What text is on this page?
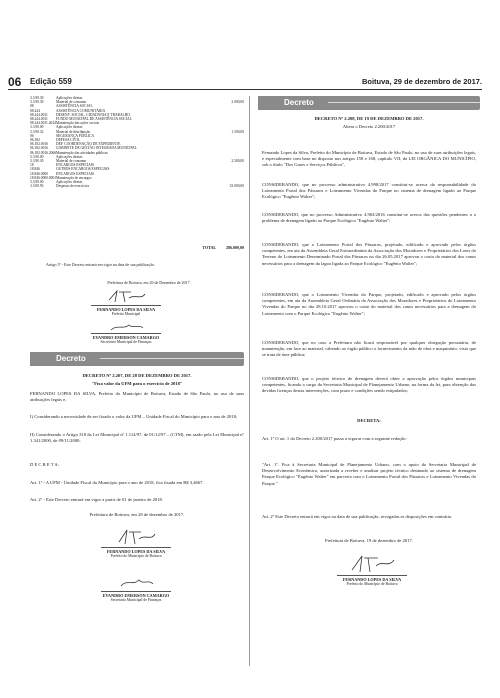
06 Edição 559	Boituva, 29 de dezembro de 2017.
3.3.90.30	Aplicações diretas
3.3.90.39	Material de consumo	2.000,00
08	ASSISTÊNCIA SOCIAL
08.244	ASSISTÊNCIA COMUNITÁRIA
08.244.0011	DESENV. SOCIAL, CIDADANIA E TRABALHO
08.244.0011	FUNDO MUNICIPAL DE ASSISTÊNCIA SOCIAL
08.244.0011.2024 Manutenção das ações sociais
3.3.90.00	Aplicações diretas
3.3.90.32	Material de distribuição	1.500,00
06	SEGURANÇA PÚBLICA
06.182	DEFESA CIVIL
06.182.0016	DEF. COORDENAÇÃO DE EXPEDIENTE
06.182.0016	GABINETE DE GESTÃO INTEGRADA MUNICIPAL
06.182.0016.2066 Manutenção das atividades públicas
3.3.90.00	Aplicações diretas
3.3.90.30	Material de consumo	2.500,00
18	ENCARGOS ESPECIAIS
18.846	OUTROS ENCARGOS ESPECIAIS
18.846.0000	ENCARGOS ESPECIAIS
18.846.0000.0001 Manutenção de encargos
3.3.90.00	Aplicações diretas
3.3.90.93	Despesas de exercícios	33.000,00
TOTAL	286.000,00
Artigo 3º - Este Decreto entrará em vigor na data de sua publicação.
Prefeitura de Boituva, em 29 de Dezembro de 2017.
FERNANDO LOPES DA SILVA
Prefeito Municipal
EVANDRO EMERSON CAMARGO
Secretário Municipal de Finanças
Decreto
DECRETO Nº 2.207, DE 28 DE DEZEMBRO DE 2017.
"Fixa valor da UFM para o exercício de 2018"
FERNANDO LOPES DA SILVA, Prefeito do Município de Boituva, Estado de São Paulo, no uso de suas atribuições legais e,
I) Considerando a necessidade de ser fixado o valor da UFM – Unidade Fiscal do Município para o ano de 2018;
II) Considerando o Artigo 318 da Lei Municipal nº 1.114/97, de 01/12/97 – (CTM), em razão pela Lei Municipal nº 1.341/2000, de 09/11/2000;
D E C R E T A:
Art. 1º - A UFM - Unidade Fiscal do Município para o ano de 2018, fica fixada em R$ 3,4667.
Art. 2º - Este Decreto entrará em vigor a partir de 01 de janeiro de 2018.
Prefeitura de Boituva, em 28 de dezembro de 2017.
FERNANDO LOPES DA SILVA
Prefeito do Município de Boituva
EVANDRO EMERSON CAMARGO
Secretaria Municipal de Finanças
Decreto
DECRETO Nº 2.208, DE 19 DE DEZEMBRO DE 2017.
Altera o Decreto 2.200/2017
Fernando Lopes da Silva, Prefeito do Município de Boituva, Estado de São Paulo, no uso de suas atribuições legais, e especialmente com base no disposto nos artigos 158 e 168, capítulo VII, da LEI ORGÂNICA DO MUNICÍPIO, sob o título "Dos Gases e Serviços Públicos",
CONSIDERANDO, que no processo administrativo 4.998/2017 constitui-se acerca da responsabilidade do Loteamento Portal dos Pássaros e Loteamento Vivendas do Parque no sistema de drenagem ligado ao Parque Ecológico "Eugênio Walter";
CONSIDERANDO, que no processo Administrativo 4.963/2016 constitui-se acerca das questões pendentes a o problema de drenagem ligado ao Parque Ecológico "Eugênio Walter";
CONSIDERANDO, que o Loteamento Portal dos Pássaros, projetado, edificado e aprovado pelos órgãos competentes, em ata da Assembleia Geral Extraordinária da Associação dos Moradores e Proprietários dos Lotes do Terreno do Loteamento Denominado Portal dos Pássaros no dia 26.05.2017 aprovou o custo do material dos canos necessários para a drenagem da lagoa ligada ao Parque Ecológico "Eugênio Walter";
CONSIDERANDO, que o Loteamento Vivendas do Parque, projetado, edificado e aprovado pelos órgãos competentes, em ata da Assembleia Geral Ordinária da Associação dos Moradores e Proprietários do Loteamento Vivendas do Parque no dia 28.10.2017 aprovou o custo do material dos canos necessários para a drenagem do Loteamento com o Parque Ecológico "Eugênio Walter";
CONSIDERANDO, que no caso a Prefeitura não ficará responsável por qualquer obrigação pecuniária, de manutenção, em face ao material, cabendo ao órgão público o fornecimento da mão de obra e maquinário, visto que se trata de área pública;
CONSIDERANDO, que o projeto técnico de drenagem deverá obter a aprovação pelos órgãos municipais competentes, ficando a cargo da Secretaria Municipal de Planejamento Urbano, na forma da lei, para obtenção das devidas licenças destas intervenções, com prazo e condições sendo estipulados;
DECRETA:
Art. 1º O art. 1 do Decreto 2.200/2017 passa a vigorar com a seguinte redação:
"Art. 1º. Fica à Secretaria Municipal de Planejamento Urbano, com o apoio da Secretaria Municipal de Desenvolvimento Econômico, autorizada a receber e analisar projeto técnico destinado ao sistema de drenagem Parque Ecológico "Eugênio Walter" em parceria com o Loteamento Portal dos Pássaros e Loteamento Vivendas do Parque."
Art. 2º Este Decreto entrará em vigor na data de sua publicação, revogadas as disposições em contrário.
Prefeitura de Boituva, 19 de dezembro de 2017.
FERNANDO LOPES DA SILVA
Prefeito do Município de Boituva
